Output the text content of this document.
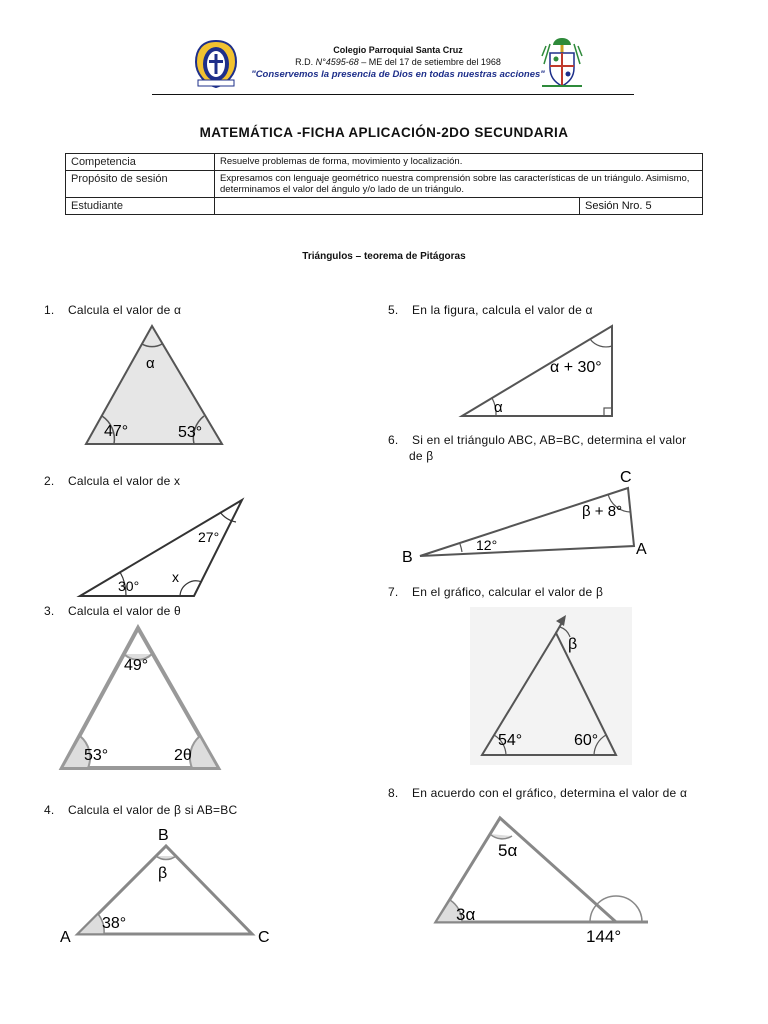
Colegio Parroquial Santa Cruz
R.D. N°4595-68 – ME del 17 de setiembre del 1968
"Conservemos la presencia de Dios en todas nuestras acciones"
MATEMÁTICA -FICHA APLICACIÓN-2DO SECUNDARIA
Competencia	Resuelve problemas de forma, movimiento y localización.	
Propósito de sesión	Expresamos con lenguaje geométrico nuestra comprensión sobre las características de un triángulo. Asimismo, determinamos el valor del ángulo y/o lado de un triángulo.	
Estudiante		Sesión Nro. 5
Triángulos – teorema de Pitágoras
1. Calcula el valor de α
α
47°	53°
2. Calcula el valor de x
27°
30°
x
3. Calcula el valor de θ
49°
53°	2θ
4. Calcula el valor de β si AB=BC
B
β
38°
A	C
5. En la figura, calcula el valor de α
α + 30°
α
6. Si en el triángulo ABC, AB=BC, determina el valor
de β
C
β + 8°
12°
B	A
7. En el gráfico, calcular el valor de β
β
54°	60°
8. En acuerdo con el gráfico, determina el valor de α
5α
3α
144°
